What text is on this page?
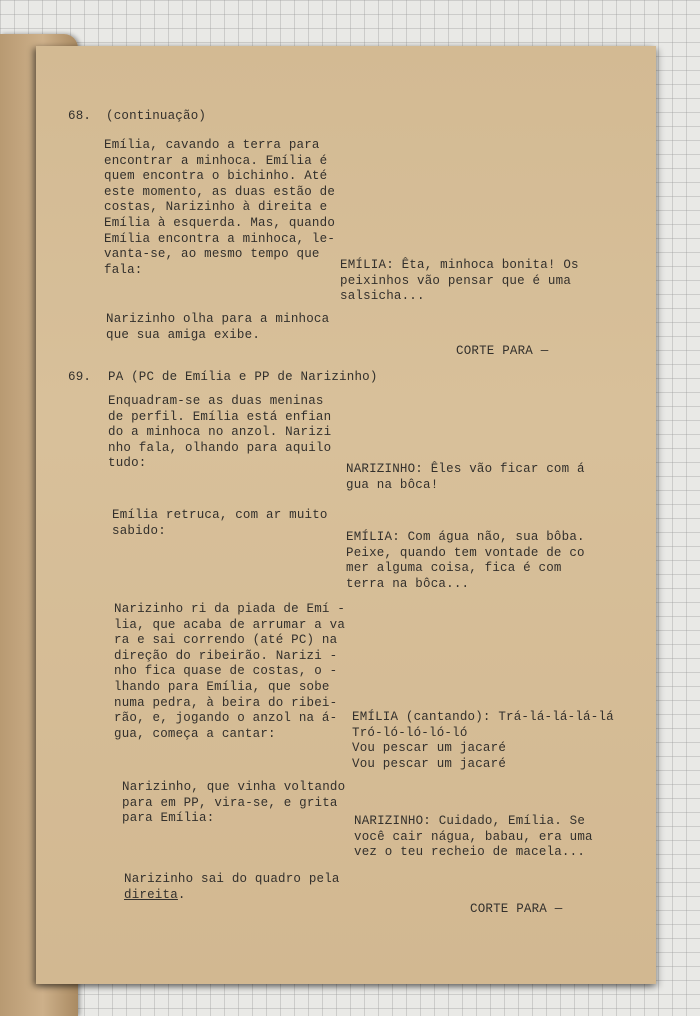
68. (continuação)
Emília, cavando a terra para
encontrar a minhoca. Emília é
quem encontra o bichinho. Até
este momento, as duas estão de
costas, Narizinho à direita e
Emília à esquerda. Mas, quando
Emília encontra a minhoca, le-
vanta-se, ao mesmo tempo que
fala:	EMÍLIA: Êta, minhoca bonita! Os
peixinhos vão pensar que é uma
salsicha...
Narizinho olha para a minhoca
que sua amiga exibe.
CORTE PARA —
69. PA (PC de Emília e PP de Narizinho)
Enquadram-se as duas meninas
de perfil. Emília está enfian
do a minhoca no anzol. Narizi
nho fala, olhando para aquilo
tudo:	NARIZINHO: Êles vão ficar com á
gua na bôca!
Emília retruca, com ar muito
sabido:	EMÍLIA: Com água não, sua bôba.
Peixe, quando tem vontade de co
mer alguma coisa, fica é com
terra na bôca...
Narizinho ri da piada de Emí -
lia, que acaba de arrumar a va
ra e sai correndo (até PC) na
direção do ribeirão. Narizi -
nho fica quase de costas, o -
lhando para Emília, que sobe
numa pedra, à beira do ribei-
rão, e, jogando o anzol na á-
gua, começa a cantar:
EMÍLIA (cantando): Trá-lá-lá-lá-lá
Tró-ló-ló-ló-ló
Vou pescar um jacaré
Vou pescar um jacaré
Narizinho, que vinha voltando
para em PP, vira-se, e grita
para Emília:	NARIZINHO: Cuidado, Emília. Se
você cair nágua, babau, era uma
vez o teu recheio de macela...
Narizinho sai do quadro pela
direita.
CORTE PARA —
